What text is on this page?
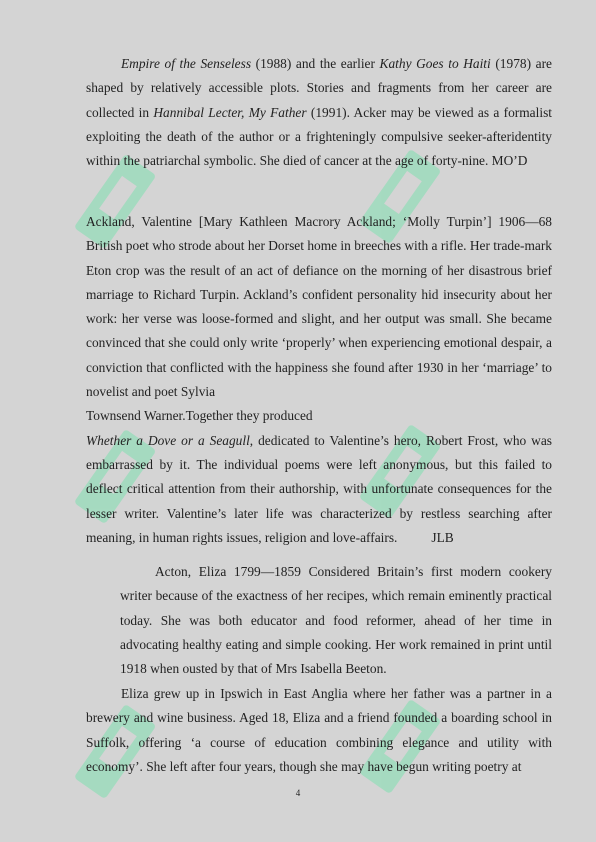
Empire of the Senseless (1988) and the earlier Kathy Goes to Haiti (1978) are shaped by relatively accessible plots. Stories and fragments from her career are collected in Hannibal Lecter, My Father (1991). Acker may be viewed as a formalist exploiting the death of the author or a frighteningly compulsive seeker-afteridentity within the patriarchal symbolic. She died of cancer at the age of forty-nine. MO’D

Ackland, Valentine [Mary Kathleen Macrory Ackland; ‘Molly Turpin’] 1906—68 British poet who strode about her Dorset home in breeches with a rifle. Her trade-mark Eton crop was the result of an act of defiance on the morning of her disastrous brief marriage to Richard Turpin. Ackland’s confident personality hid insecurity about her work: her verse was loose-formed and slight, and her output was small. She became convinced that she could only write ‘properly’ when experiencing emotional despair, a conviction that conflicted with the happiness she found after 1930 in her ‘marriage’ to novelist and poet Sylvia

Townsend Warner.Together they produced

Whether a Dove or a Seagull, dedicated to Valentine’s hero, Robert Frost, who was embarrassed by it. The individual poems were left anonymous, but this failed to deflect critical attention from their authorship, with unfortunate consequences for the lesser writer. Valentine’s later life was characterized by restless searching after meaning, in human rights issues, religion and love-affairs.	JLB

Acton, Eliza 1799—1859 Considered Britain’s first modern cookery writer because of the exactness of her recipes, which remain eminently practical today. She was both educator and food reformer, ahead of her time in advocating healthy eating and simple cooking. Her work remained in print until 1918 when ousted by that of Mrs Isabella Beeton.

Eliza grew up in Ipswich in East Anglia where her father was a partner in a brewery and wine business. Aged 18, Eliza and a friend founded a boarding school in Suffolk, offering ‘a course of education combining elegance and utility with economy’. She left after four years, though she may have begun writing poetry at

4
